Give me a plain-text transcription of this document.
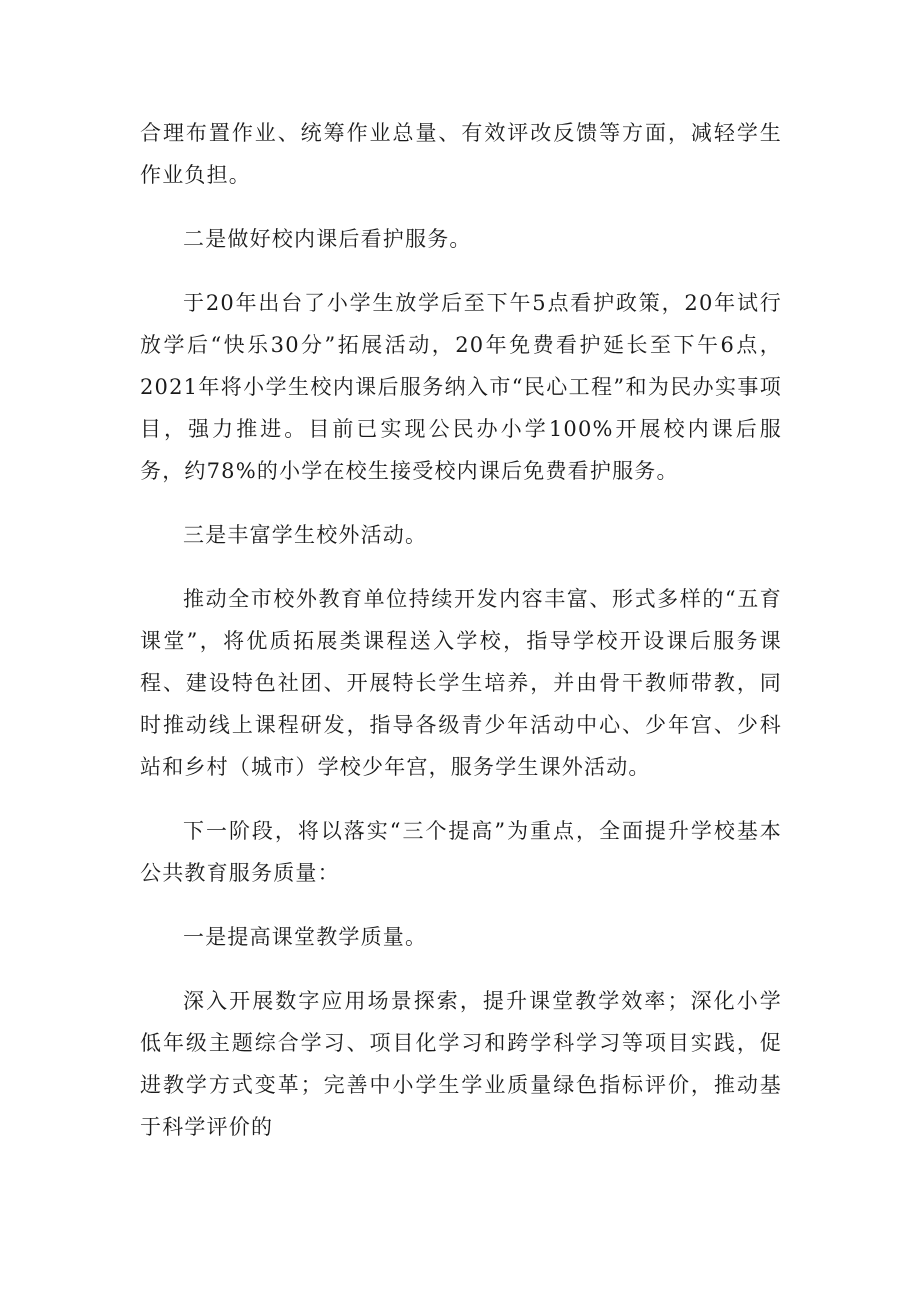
合理布置作业、统筹作业总量、有效评改反馈等方面，减轻学生作业负担。

二是做好校内课后看护服务。

于20年出台了小学生放学后至下午5点看护政策，20年试行放学后“快乐30分”拓展活动，20年免费看护延长至下午6点，2021年将小学生校内课后服务纳入市“民心工程”和为民办实事项目，强力推进。目前已实现公民办小学100%开展校内课后服务，约78%的小学在校生接受校内课后免费看护服务。

三是丰富学生校外活动。

推动全市校外教育单位持续开发内容丰富、形式多样的“五育课堂”，将优质拓展类课程送入学校，指导学校开设课后服务课程、建设特色社团、开展特长学生培养，并由骨干教师带教，同时推动线上课程研发，指导各级青少年活动中心、少年宫、少科站和乡村（城市）学校少年宫，服务学生课外活动。

下一阶段，将以落实“三个提高”为重点，全面提升学校基本公共教育服务质量：

一是提高课堂教学质量。

深入开展数字应用场景探索，提升课堂教学效率；深化小学低年级主题综合学习、项目化学习和跨学科学习等项目实践，促进教学方式变革；完善中小学生学业质量绿色指标评价，推动基于科学评价的
